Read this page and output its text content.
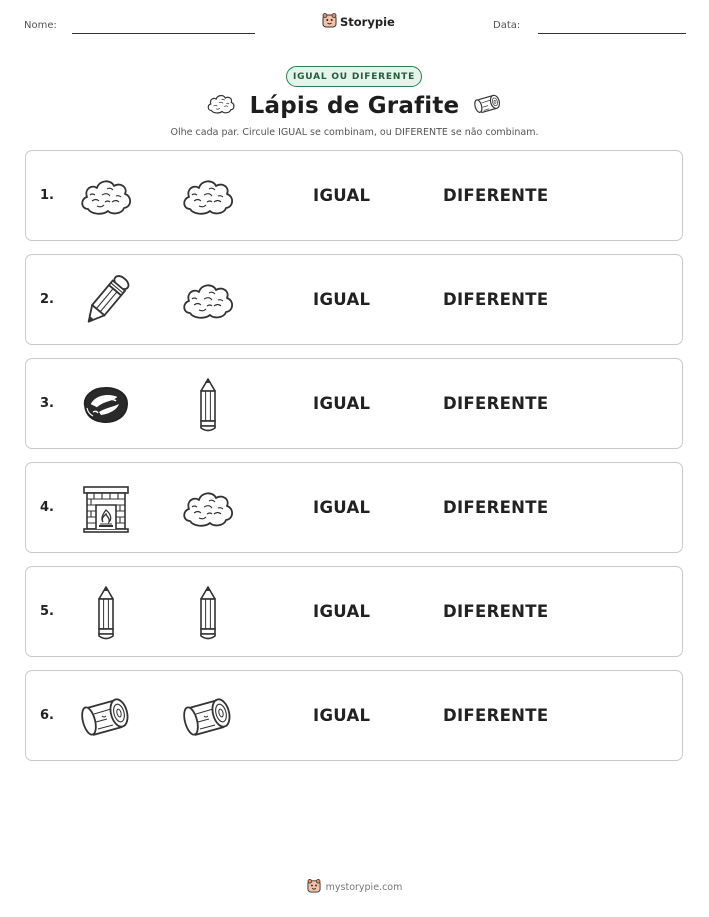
Nome:	Storypie	Data:
IGUAL OU DIFERENTE
Lápis de Grafite
Olhe cada par. Circule IGUAL se combinam, ou DIFERENTE se não combinam.
1.	IGUAL	DIFERENTE
2.	IGUAL	DIFERENTE
3.	IGUAL	DIFERENTE
4.	IGUAL	DIFERENTE
5.	IGUAL	DIFERENTE
6.	IGUAL	DIFERENTE
mystorypie.com
